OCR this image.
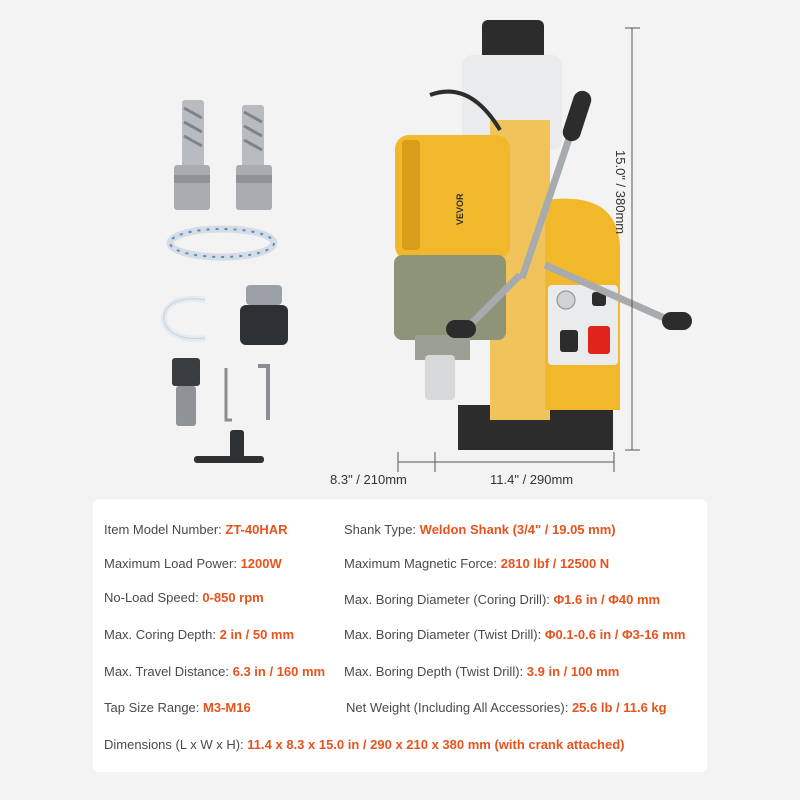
VEVOR	15.0" / 380mm
8.3" / 210mm	11.4" / 290mm
Item Model Number: ZT-40HAR
Maximum Load Power: 1200W
No-Load Speed: 0-850 rpm
Max. Coring Depth: 2 in / 50 mm
Max. Travel Distance: 6.3 in / 160 mm
Tap Size Range: M3-M16
Shank Type: Weldon Shank (3/4" / 19.05 mm)
Maximum Magnetic Force: 2810 lbf / 12500 N
Max. Boring Diameter (Coring Drill): Φ1.6 in / Φ40 mm
Max. Boring Diameter (Twist Drill): Φ0.1-0.6 in / Φ3-16 mm
Max. Boring Depth (Twist Drill): 3.9 in / 100 mm
Net Weight (Including All Accessories): 25.6 lb / 11.6 kg
Dimensions (L x W x H): 11.4 x 8.3 x 15.0 in / 290 x 210 x 380 mm (with crank attached)
